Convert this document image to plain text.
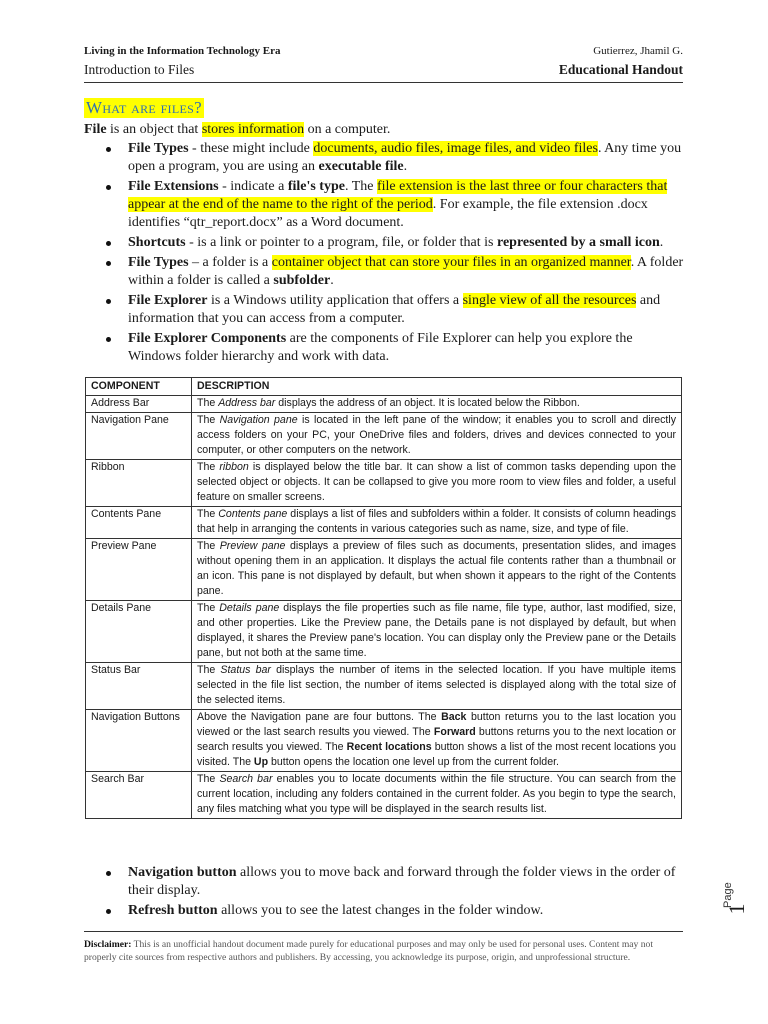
Living in the Information Technology Era
Introduction to Files
Gutierrez, Jhamil G.
Educational Handout
What are files?
File is an object that stores information on a computer.
File Types - these might include documents, audio files, image files, and video files. Any time you open a program, you are using an executable file.
File Extensions - indicate a file's type. The file extension is the last three or four characters that appear at the end of the name to the right of the period. For example, the file extension .docx identifies “qtr_report.docx” as a Word document.
Shortcuts - is a link or pointer to a program, file, or folder that is represented by a small icon.
File Types – a folder is a container object that can store your files in an organized manner. A folder within a folder is called a subfolder.
File Explorer is a Windows utility application that offers a single view of all the resources and information that you can access from a computer.
File Explorer Components are the components of File Explorer can help you explore the Windows folder hierarchy and work with data.
COMPONENT	DESCRIPTION
Address Bar	The Address bar displays the address of an object. It is located below the Ribbon.
Navigation Pane	The Navigation pane is located in the left pane of the window; it enables you to scroll and directly access folders on your PC, your OneDrive files and folders, drives and devices connected to your computer, or other computers on the network.
Ribbon	The ribbon is displayed below the title bar. It can show a list of common tasks depending upon the selected object or objects. It can be collapsed to give you more room to view files and folder, a useful feature on smaller screens.
Contents Pane	The Contents pane displays a list of files and subfolders within a folder. It consists of column headings that help in arranging the contents in various categories such as name, size, and type of file.
Preview Pane	The Preview pane displays a preview of files such as documents, presentation slides, and images without opening them in an application. It displays the actual file contents rather than a thumbnail or an icon. This pane is not displayed by default, but when shown it appears to the right of the Contents pane.
Details Pane	The Details pane displays the file properties such as file name, file type, author, last modified, size, and other properties. Like the Preview pane, the Details pane is not displayed by default, but when displayed, it shares the Preview pane's location. You can display only the Preview pane or the Details pane, but not both at the same time.
Status Bar	The Status bar displays the number of items in the selected location. If you have multiple items selected in the file list section, the number of items selected is displayed along with the total size of the selected items.
Navigation Buttons	Above the Navigation pane are four buttons. The Back button returns you to the last location you viewed or the last search results you viewed. The Forward buttons returns you to the next location or search results you viewed. The Recent locations button shows a list of the most recent locations you visited. The Up button opens the location one level up from the current folder.
Search Bar	The Search bar enables you to locate documents within the file structure. You can search from the current location, including any folders contained in the current folder. As you begin to type the search, any files matching what you type will be displayed in the search results list.
Navigation button allows you to move back and forward through the folder views in the order of their display.
Refresh button allows you to see the latest changes in the folder window.
Page
1
Disclaimer: This is an unofficial handout document made purely for educational purposes and may only be used for personal uses. Content may not properly cite sources from respective authors and publishers. By accessing, you acknowledge its purpose, origin, and unprofessional structure.
